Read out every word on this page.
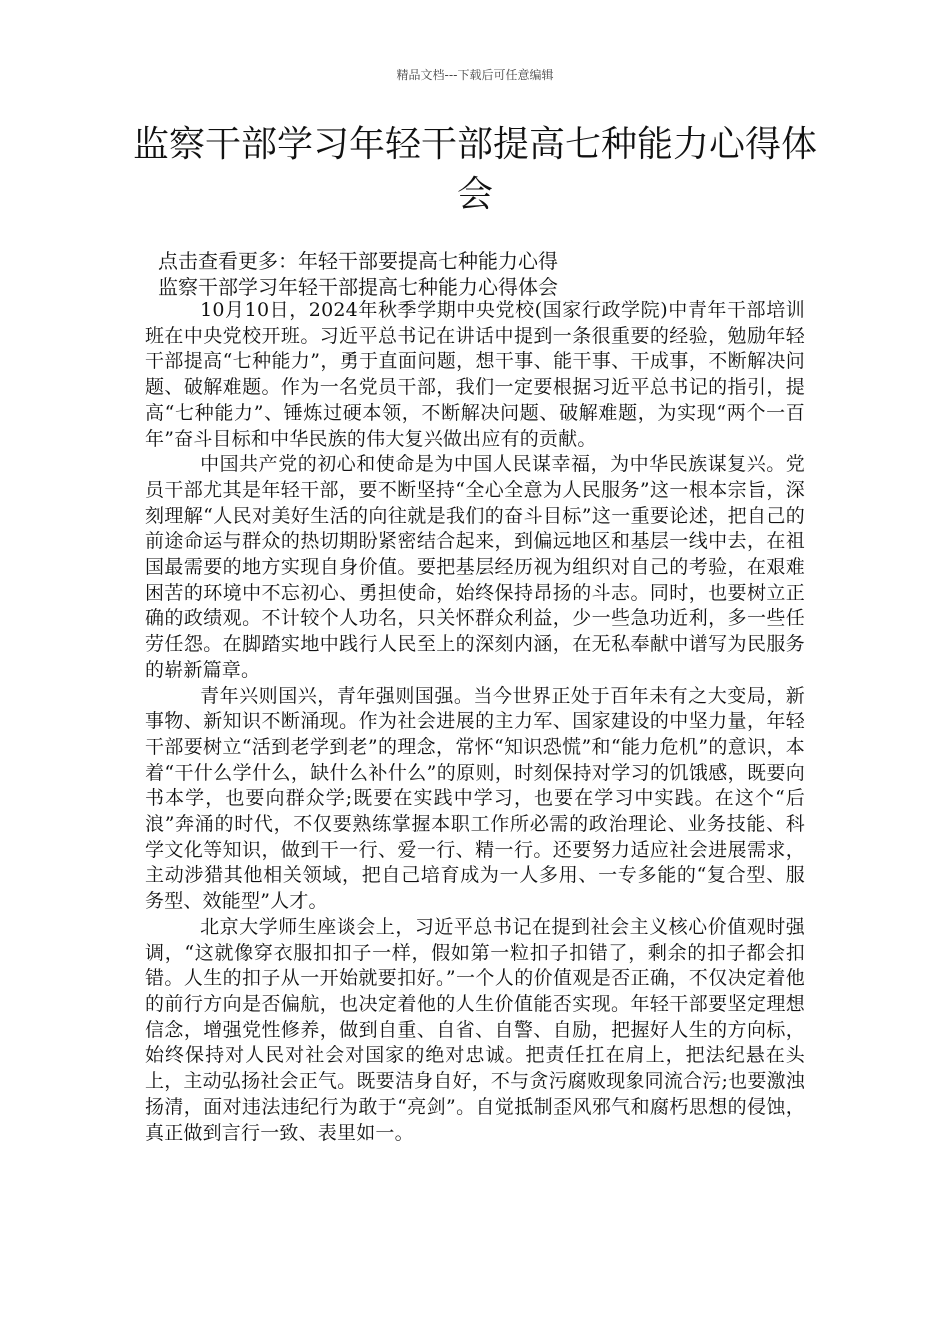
精品文档---下载后可任意编辑
监察干部学习年轻干部提高七种能力心得体会
点击查看更多：年轻干部要提高七种能力心得
监察干部学习年轻干部提高七种能力心得体会

10月10日，2024年秋季学期中央党校(国家行政学院)中青年干部培训班在中央党校开班。习近平总书记在讲话中提到一条很重要的经验，勉励年轻干部提高“七种能力”，勇于直面问题，想干事、能干事、干成事，不断解决问题、破解难题。作为一名党员干部，我们一定要根据习近平总书记的指引，提高“七种能力”、锤炼过硬本领，不断解决问题、破解难题，为实现“两个一百年”奋斗目标和中华民族的伟大复兴做出应有的贡献。

中国共产党的初心和使命是为中国人民谋幸福，为中华民族谋复兴。党员干部尤其是年轻干部，要不断坚持“全心全意为人民服务”这一根本宗旨，深刻理解“人民对美好生活的向往就是我们的奋斗目标”这一重要论述，把自己的前途命运与群众的热切期盼紧密结合起来，到偏远地区和基层一线中去，在祖国最需要的地方实现自身价值。要把基层经历视为组织对自己的考验，在艰难困苦的环境中不忘初心、勇担使命，始终保持昂扬的斗志。同时，也要树立正确的政绩观。不计较个人功名，只关怀群众利益，少一些急功近利，多一些任劳任怨。在脚踏实地中践行人民至上的深刻内涵，在无私奉献中谱写为民服务的崭新篇章。

青年兴则国兴，青年强则国强。当今世界正处于百年未有之大变局，新事物、新知识不断涌现。作为社会进展的主力军、国家建设的中坚力量，年轻干部要树立“活到老学到老”的理念，常怀“知识恐慌”和“能力危机”的意识，本着“干什么学什么，缺什么补什么”的原则，时刻保持对学习的饥饿感，既要向书本学，也要向群众学;既要在实践中学习，也要在学习中实践。在这个“后浪”奔涌的时代，不仅要熟练掌握本职工作所必需的政治理论、业务技能、科学文化等知识，做到干一行、爱一行、精一行。还要努力适应社会进展需求，主动涉猎其他相关领域，把自己培育成为一人多用、一专多能的“复合型、服务型、效能型”人才。

北京大学师生座谈会上，习近平总书记在提到社会主义核心价值观时强调，“这就像穿衣服扣扣子一样，假如第一粒扣子扣错了，剩余的扣子都会扣错。人生的扣子从一开始就要扣好。”一个人的价值观是否正确，不仅决定着他的前行方向是否偏航，也决定着他的人生价值能否实现。年轻干部要坚定理想信念，增强党性修养，做到自重、自省、自警、自励，把握好人生的方向标，始终保持对人民对社会对国家的绝对忠诚。把责任扛在肩上，把法纪悬在头上，主动弘扬社会正气。既要洁身自好，不与贪污腐败现象同流合污;也要激浊扬清，面对违法违纪行为敢于“亮剑”。自觉抵制歪风邪气和腐朽思想的侵蚀，真正做到言行一致、表里如一。
